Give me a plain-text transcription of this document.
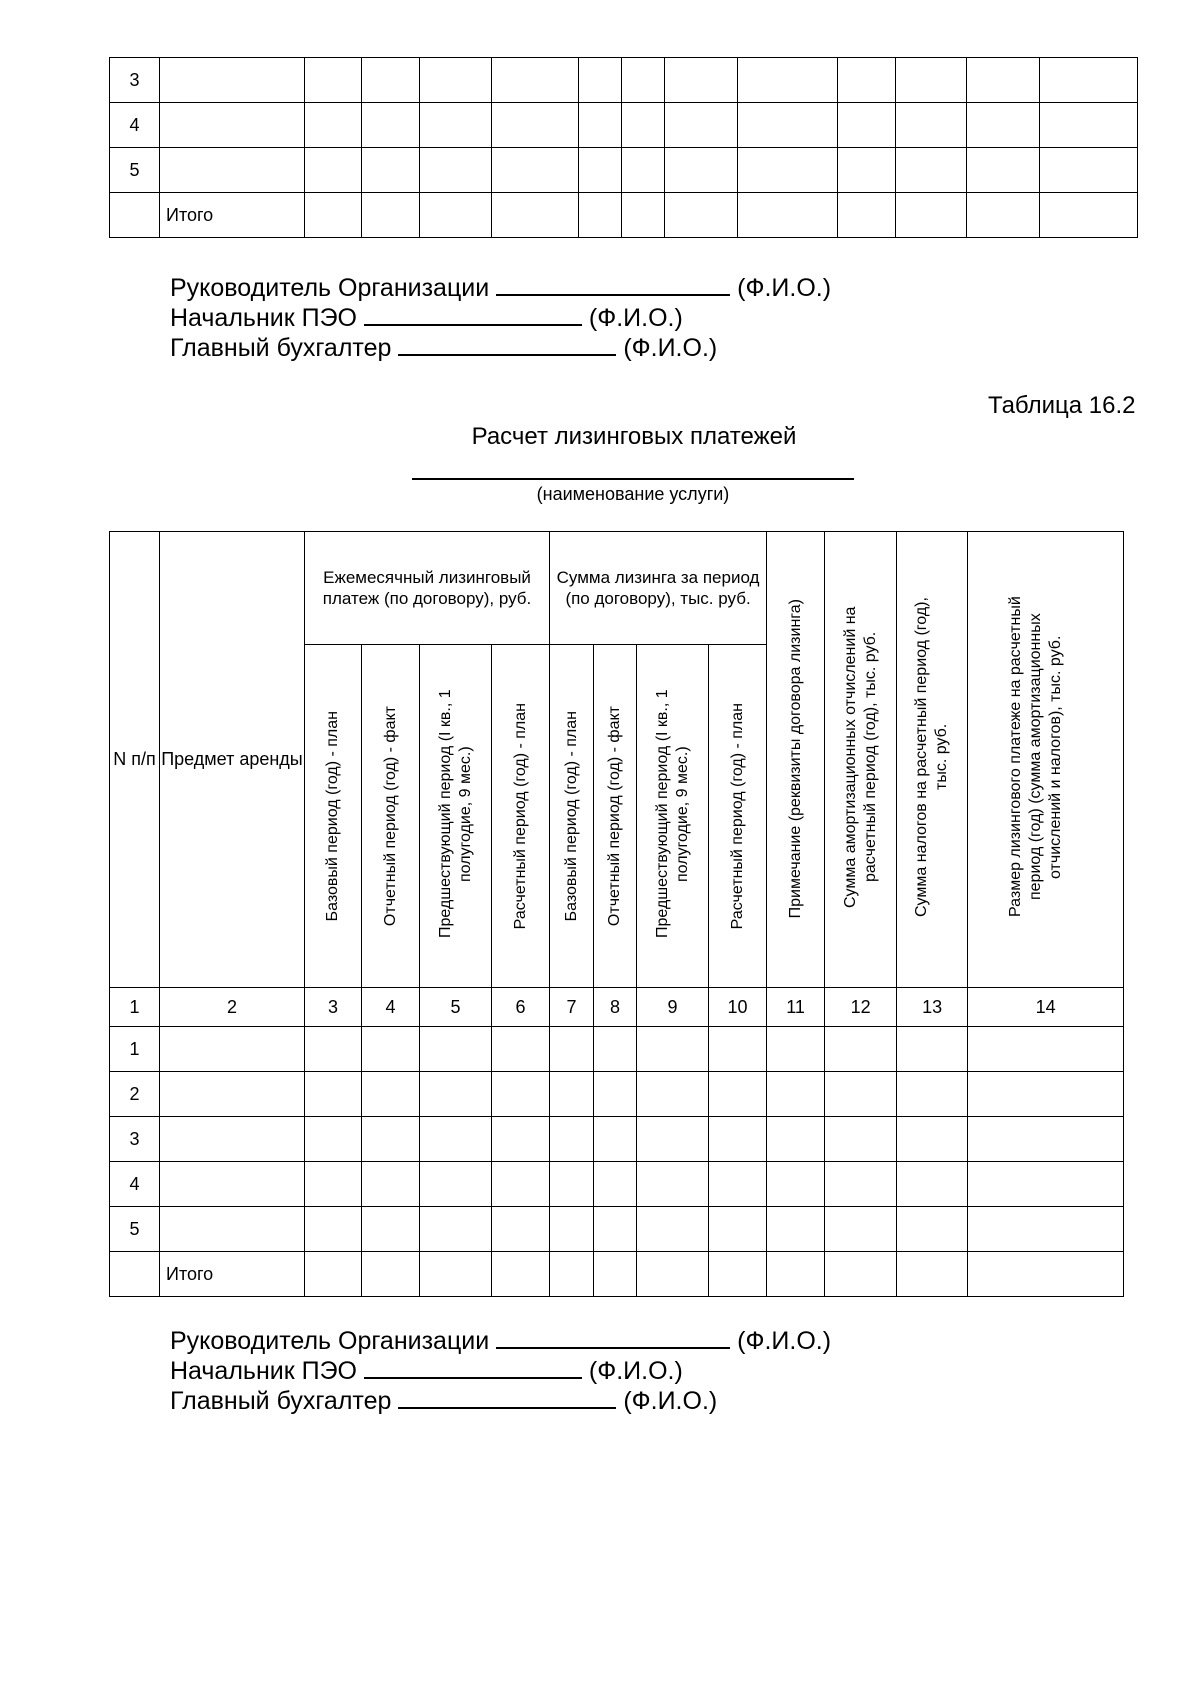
3													
4													
5													
	Итого												
Руководитель Организации	(Ф.И.О.)
Начальник ПЭО	(Ф.И.О.)
Главный бухгалтер	(Ф.И.О.)
Таблица 16.2
Расчет лизинговых платежей
(наименование услуги)
N п/п	Предмет аренды	Ежемесячный лизинговый платеж (по договору), руб.				Сумма лизинга за период (по договору), тыс. руб.				Примечание (реквизиты договора лизинга)	Сумма амортизационных отчислений на расчетный период (год), тыс. руб.	Сумма налогов на расчетный период (год), тыс. руб.	Размер лизингового платеже на расчетный период (год) (сумма амортизационных отчислений и налогов), тыс. руб.

		Базовый период (год) - план	Отчетный период (год) - факт	Предшествующий период (I кв., 1 полугодие, 9 мес.)	Расчетный период (год) - план	Базовый период (год) - план	Отчетный период (год) - факт	Предшествующий период (I кв., 1 полугодие, 9 мес.)	Расчетный период (год) - план				

1	2	3	4	5	6	7	8	9	10	11	12	13	14
1													
2													
3													
4													
5													
	Итого												
Руководитель Организации	(Ф.И.О.)
Начальник ПЭО	(Ф.И.О.)
Главный бухгалтер	(Ф.И.О.)
